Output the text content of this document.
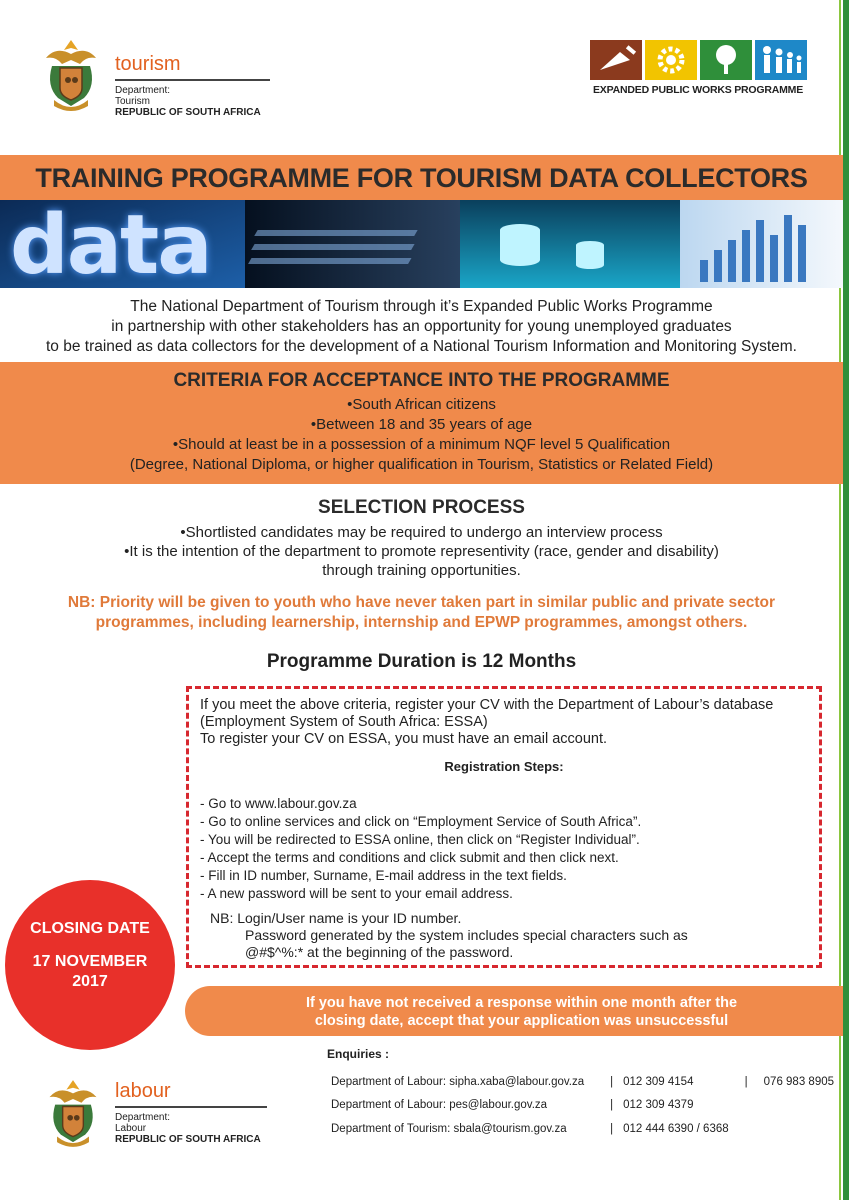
tourism
Department:
Tourism
REPUBLIC OF SOUTH AFRICA
EXPANDED PUBLIC WORKS PROGRAMME
TRAINING PROGRAMME FOR TOURISM DATA COLLECTORS
data
The National Department of Tourism through it’s Expanded Public Works Programme
in partnership with other stakeholders has an opportunity for young unemployed graduates
to be trained as data collectors for the development of a National Tourism Information and Monitoring System.
CRITERIA FOR ACCEPTANCE INTO THE PROGRAMME
•South African citizens
•Between 18 and 35 years of age
•Should at least be in a possession of a minimum NQF level 5 Qualification
(Degree, National Diploma, or higher qualification in Tourism, Statistics or Related Field)
SELECTION PROCESS
•Shortlisted candidates may be required to undergo an interview process
•It is the intention of the department to promote representivity (race, gender and disability)
through training opportunities.
NB: Priority will be given to youth who have never taken part in similar public and private sector
programmes, including learnership, internship and EPWP programmes, amongst others.
Programme Duration is 12 Months
If you meet the above criteria, register your CV with the Department of Labour’s database
(Employment System of South Africa: ESSA)
To register your CV on ESSA, you must have an email account.
Registration Steps:
- Go to www.labour.gov.za
- Go to online services and click on “Employment Service of South Africa”.
- You will be redirected to ESSA online, then click on “Register Individual”.
- Accept the terms and conditions and click submit and then click next.
- Fill in ID number, Surname, E-mail address in the text fields.
- A new password will be sent to your email address.
NB: Login/User name is your ID number.
Password generated by the system includes special characters such as
@#$^%:* at the beginning of the password.
CLOSING DATE
17 NOVEMBER
2017
If you have not received a response within one month after the
closing date, accept that your application was unsuccessful
Enquiries :
Department of Labour: sipha.xaba@labour.gov.za	|	012 309 4154	|	076 983 8905
Department of Labour: pes@labour.gov.za	|	012 309 4379		
Department of Tourism: sbala@tourism.gov.za	|	012 444 6390 / 6368		
labour
Department:
Labour
REPUBLIC OF SOUTH AFRICA
